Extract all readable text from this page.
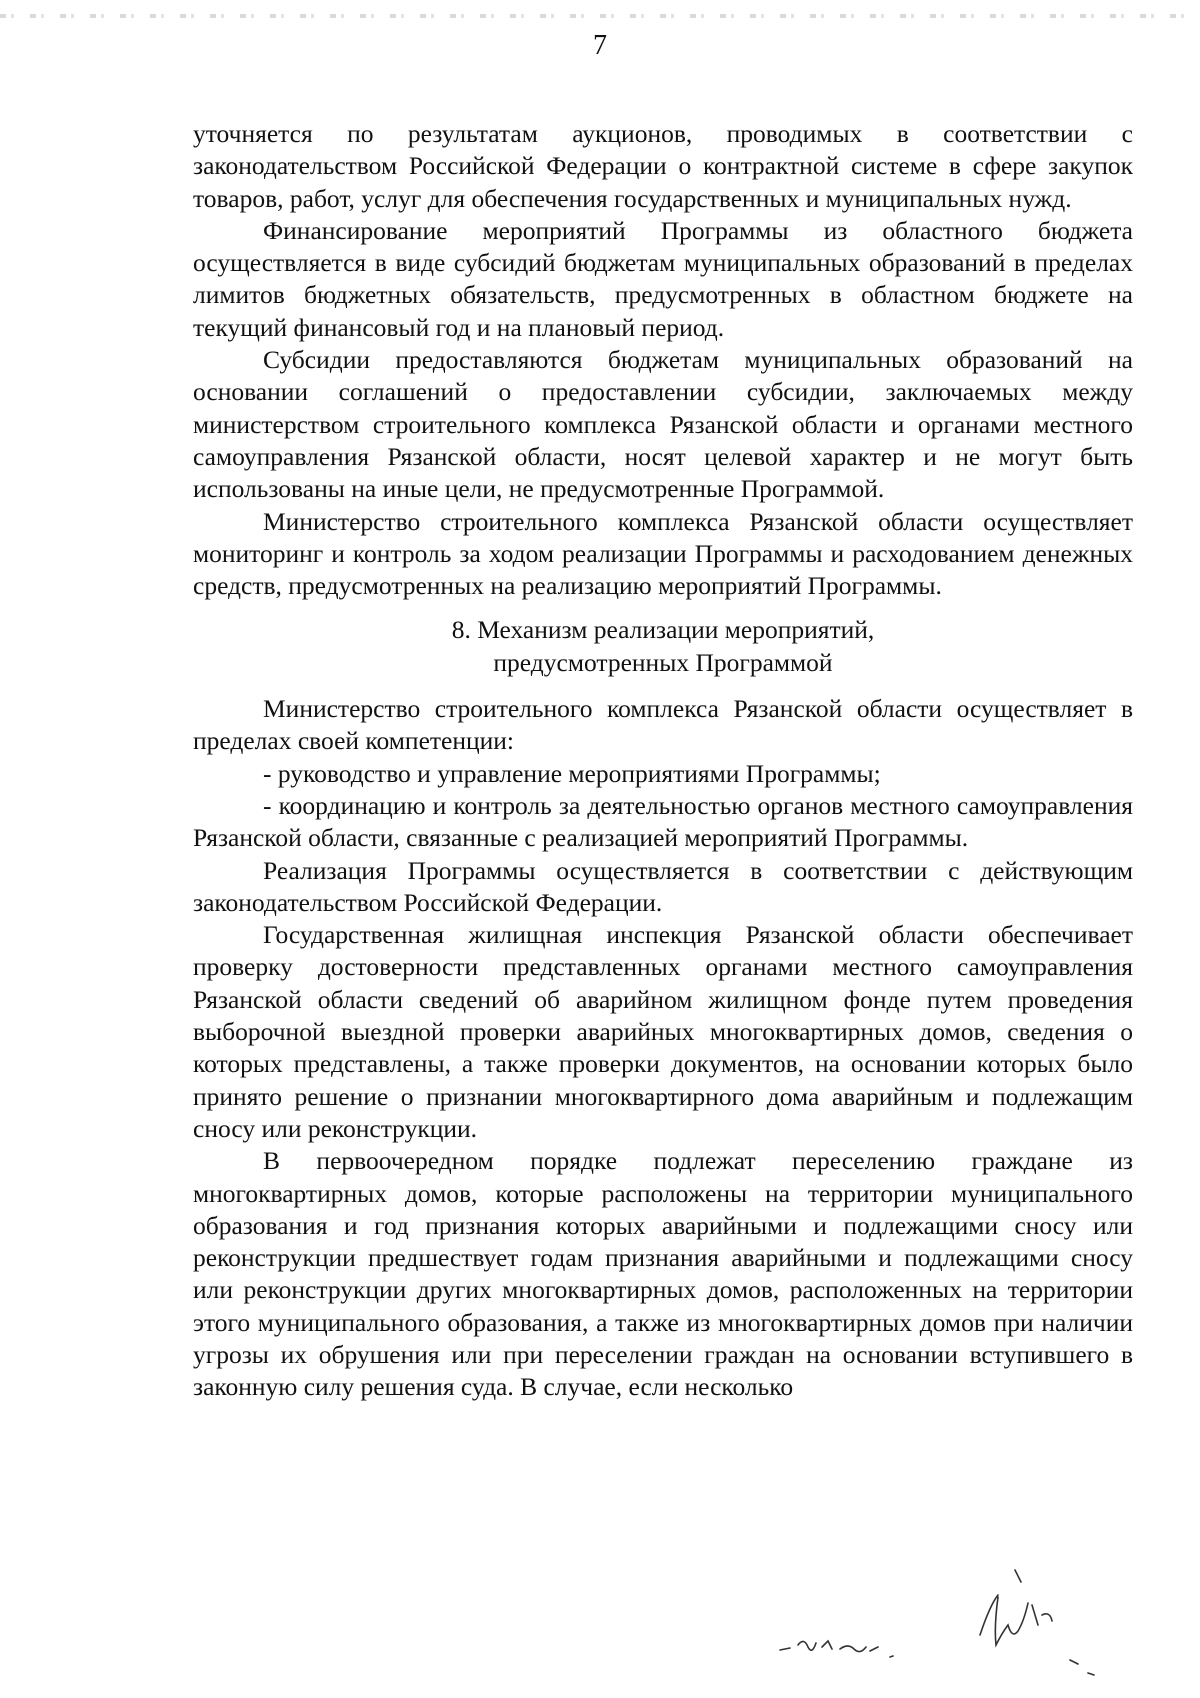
7

уточняется по результатам аукционов, проводимых в соответствии с законодательством Российской Федерации о контрактной системе в сфере закупок товаров, работ, услуг для обеспечения государственных и муниципальных нужд.

Финансирование мероприятий Программы из областного бюджета осуществляется в виде субсидий бюджетам муниципальных образований в пределах лимитов бюджетных обязательств, предусмотренных в областном бюджете на текущий финансовый год и на плановый период.

Субсидии предоставляются бюджетам муниципальных образований на основании соглашений о предоставлении субсидии, заключаемых между министерством строительного комплекса Рязанской области и органами местного самоуправления Рязанской области, носят целевой характер и не могут быть использованы на иные цели, не предусмотренные Программой.

Министерство строительного комплекса Рязанской области осуществляет мониторинг и контроль за ходом реализации Программы и расходованием денежных средств, предусмотренных на реализацию мероприятий Программы.

8. Механизм реализации мероприятий,
предусмотренных Программой

Министерство строительного комплекса Рязанской области осуществляет в пределах своей компетенции:

- руководство и управление мероприятиями Программы;

- координацию и контроль за деятельностью органов местного самоуправления Рязанской области, связанные с реализацией мероприятий Программы.

Реализация Программы осуществляется в соответствии с действующим законодательством Российской Федерации.

Государственная жилищная инспекция Рязанской области обеспечивает проверку достоверности представленных органами местного самоуправления Рязанской области сведений об аварийном жилищном фонде путем проведения выборочной выездной проверки аварийных многоквартирных домов, сведения о которых представлены, а также проверки документов, на основании которых было принято решение о признании многоквартирного дома аварийным и подлежащим сносу или реконструкции.

В первоочередном порядке подлежат переселению граждане из многоквартирных домов, которые расположены на территории муниципального образования и год признания которых аварийными и подлежащими сносу или реконструкции предшествует годам признания аварийными и подлежащими сносу или реконструкции других многоквартирных домов, расположенных на территории этого муниципального образования, а также из многоквартирных домов при наличии угрозы их обрушения или при переселении граждан на основании вступившего в законную силу решения суда. В случае, если несколько
